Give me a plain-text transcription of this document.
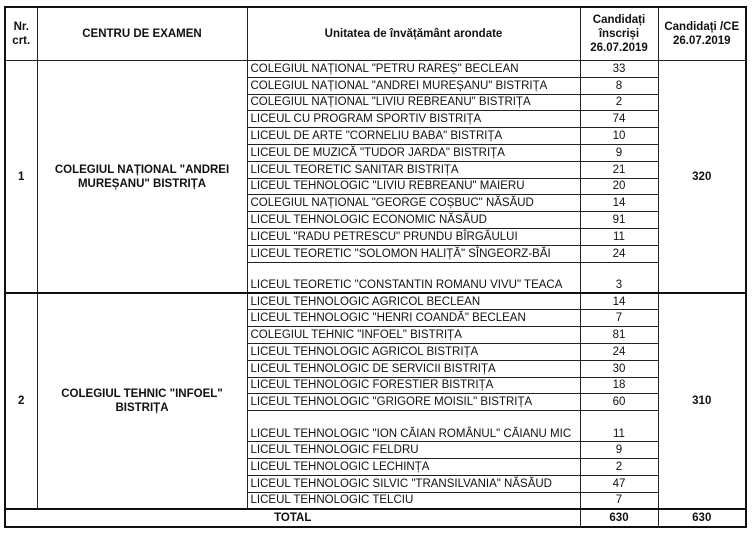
Nr. crt.	CENTRU DE EXAMEN	Unitatea de învățământ arondate	Candidați înscriși 26.07.2019	Candidați /CE 26.07.2019
1	COLEGIUL NAȚIONAL "ANDREI MUREȘANU" BISTRIȚA	COLEGIUL NAȚIONAL "PETRU RAREȘ" BECLEAN	33	320
		COLEGIUL NAȚIONAL "ANDREI MUREȘANU" BISTRIȚA	8	
		COLEGIUL NAȚIONAL "LIVIU REBREANU" BISTRIȚA	2	
		LICEUL CU PROGRAM SPORTIV BISTRIȚA	74	
		LICEUL DE ARTE "CORNELIU BABA" BISTRIȚA	10	
		LICEUL DE MUZICĂ "TUDOR JARDA" BISTRIȚA	9	
		LICEUL TEORETIC SANITAR BISTRIȚA	21	
		LICEUL TEHNOLOGIC "LIVIU REBREANU" MAIERU	20	
		COLEGIUL NAȚIONAL "GEORGE COȘBUC" NĂSĂUD	14	
		LICEUL TEHNOLOGIC ECONOMIC NĂSĂUD	91	
		LICEUL "RADU PETRESCU" PRUNDU BÎRGĂULUI	11	
		LICEUL TEORETIC "SOLOMON HALIȚĂ" SÎNGEORZ-BĂI	24	
		LICEUL TEORETIC "CONSTANTIN ROMANU VIVU" TEACA	3	
2	COLEGIUL TEHNIC "INFOEL" BISTRIȚA	LICEUL TEHNOLOGIC AGRICOL BECLEAN	14	310
		LICEUL TEHNOLOGIC "HENRI COANDĂ" BECLEAN	7	
		COLEGIUL TEHNIC "INFOEL" BISTRIȚA	81	
		LICEUL TEHNOLOGIC AGRICOL BISTRIȚA	24	
		LICEUL TEHNOLOGIC DE SERVICII BISTRIȚA	30	
		LICEUL TEHNOLOGIC FORESTIER BISTRIȚA	18	
		LICEUL TEHNOLOGIC "GRIGORE MOISIL" BISTRIȚA	60	
		LICEUL TEHNOLOGIC "ION CĂIAN ROMÂNUL" CĂIANU MIC	11	
		LICEUL TEHNOLOGIC FELDRU	9	
		LICEUL TEHNOLOGIC LECHINȚA	2	
		LICEUL TEHNOLOGIC SILVIC "TRANSILVANIA" NĂSĂUD	47	
		LICEUL TEHNOLOGIC TELCIU	7	
TOTAL			630	630
